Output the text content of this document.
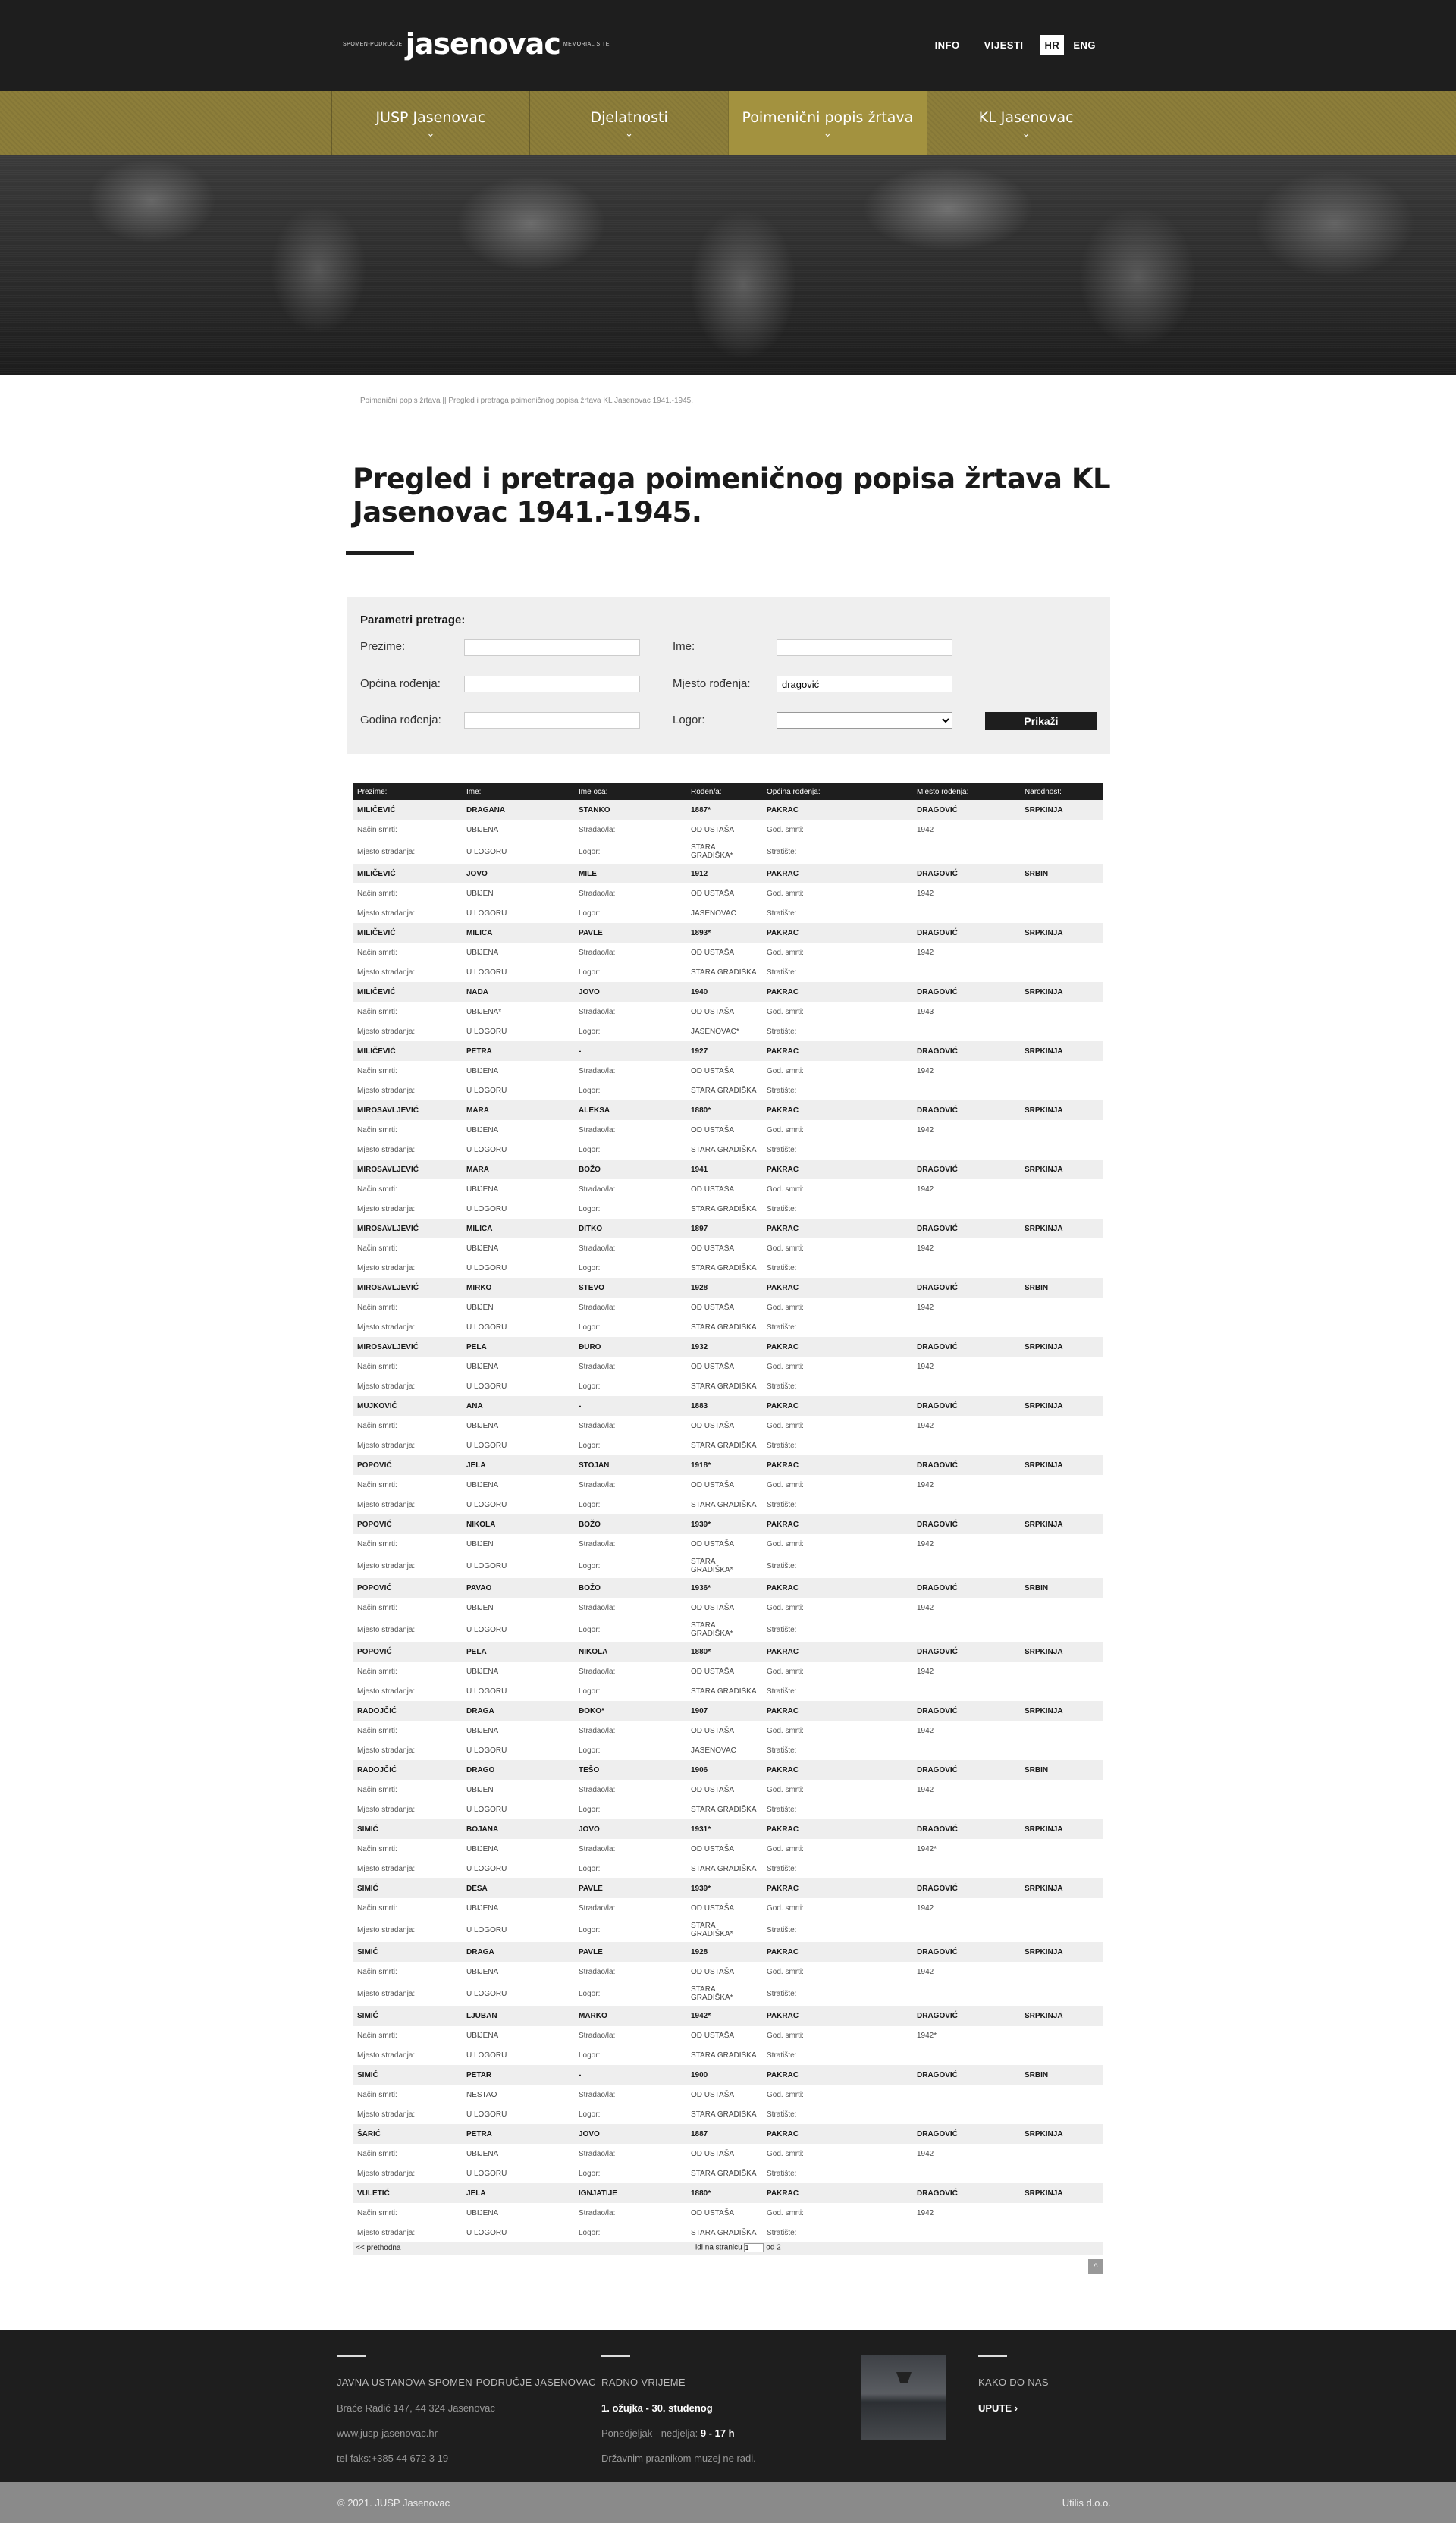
SPOMEN-PODRUČJE jasenovac MEMORIAL SITE	INFO	VIJESTI	HR	ENG
JUSP Jasenovac
⌄
Djelatnosti
⌄
Poimenični popis žrtava
⌄
KL Jasenovac
⌄
Poimenični popis žrtava || Pregled i pretraga poimeničnog popisa žrtava KL Jasenovac 1941.-1945.
Pregled i pretraga poimeničnog popisa žrtava KL Jasenovac 1941.-1945.
Parametri pretrage:
Prezime:	Ime:
Općina rođenja:	Mjesto rođenja:
dragović
Godina rođenja:	Logor:	Prikaži
Prezime:	Ime:	Ime oca:	Rođen/a:	Općina rođenja:	Mjesto rođenja:	Narodnost:
MILIČEVIĆ	DRAGANA	STANKO	1887*	PAKRAC	DRAGOVIĆ	SRPKINJA
Način smrti:	UBIJENA	Stradao/la:	OD USTAŠA	God. smrti:	1942	
Mjesto stradanja:	U LOGORU	Logor:	STARA GRADIŠKA*	Stratište:		
MILIČEVIĆ	JOVO	MILE	1912	PAKRAC	DRAGOVIĆ	SRBIN
Način smrti:	UBIJEN	Stradao/la:	OD USTAŠA	God. smrti:	1942	
Mjesto stradanja:	U LOGORU	Logor:	JASENOVAC	Stratište:		
MILIČEVIĆ	MILICA	PAVLE	1893*	PAKRAC	DRAGOVIĆ	SRPKINJA
Način smrti:	UBIJENA	Stradao/la:	OD USTAŠA	God. smrti:	1942	
Mjesto stradanja:	U LOGORU	Logor:	STARA GRADIŠKA	Stratište:		
MILIČEVIĆ	NADA	JOVO	1940	PAKRAC	DRAGOVIĆ	SRPKINJA
Način smrti:	UBIJENA*	Stradao/la:	OD USTAŠA	God. smrti:	1943	
Mjesto stradanja:	U LOGORU	Logor:	JASENOVAC*	Stratište:		
MILIČEVIĆ	PETRA	-	1927	PAKRAC	DRAGOVIĆ	SRPKINJA
Način smrti:	UBIJENA	Stradao/la:	OD USTAŠA	God. smrti:	1942	
Mjesto stradanja:	U LOGORU	Logor:	STARA GRADIŠKA	Stratište:		
MIROSAVLJEVIĆ	MARA	ALEKSA	1880*	PAKRAC	DRAGOVIĆ	SRPKINJA
Način smrti:	UBIJENA	Stradao/la:	OD USTAŠA	God. smrti:	1942	
Mjesto stradanja:	U LOGORU	Logor:	STARA GRADIŠKA	Stratište:		
MIROSAVLJEVIĆ	MARA	BOŽO	1941	PAKRAC	DRAGOVIĆ	SRPKINJA
Način smrti:	UBIJENA	Stradao/la:	OD USTAŠA	God. smrti:	1942	
Mjesto stradanja:	U LOGORU	Logor:	STARA GRADIŠKA	Stratište:		
MIROSAVLJEVIĆ	MILICA	DITKO	1897	PAKRAC	DRAGOVIĆ	SRPKINJA
Način smrti:	UBIJENA	Stradao/la:	OD USTAŠA	God. smrti:	1942	
Mjesto stradanja:	U LOGORU	Logor:	STARA GRADIŠKA	Stratište:		
MIROSAVLJEVIĆ	MIRKO	STEVO	1928	PAKRAC	DRAGOVIĆ	SRBIN
Način smrti:	UBIJEN	Stradao/la:	OD USTAŠA	God. smrti:	1942	
Mjesto stradanja:	U LOGORU	Logor:	STARA GRADIŠKA	Stratište:		
MIROSAVLJEVIĆ	PELA	ĐURO	1932	PAKRAC	DRAGOVIĆ	SRPKINJA
Način smrti:	UBIJENA	Stradao/la:	OD USTAŠA	God. smrti:	1942	
Mjesto stradanja:	U LOGORU	Logor:	STARA GRADIŠKA	Stratište:		
MUJKOVIĆ	ANA	-	1883	PAKRAC	DRAGOVIĆ	SRPKINJA
Način smrti:	UBIJENA	Stradao/la:	OD USTAŠA	God. smrti:	1942	
Mjesto stradanja:	U LOGORU	Logor:	STARA GRADIŠKA	Stratište:		
POPOVIĆ	JELA	STOJAN	1918*	PAKRAC	DRAGOVIĆ	SRPKINJA
Način smrti:	UBIJENA	Stradao/la:	OD USTAŠA	God. smrti:	1942	
Mjesto stradanja:	U LOGORU	Logor:	STARA GRADIŠKA	Stratište:		
POPOVIĆ	NIKOLA	BOŽO	1939*	PAKRAC	DRAGOVIĆ	SRPKINJA
Način smrti:	UBIJEN	Stradao/la:	OD USTAŠA	God. smrti:	1942	
Mjesto stradanja:	U LOGORU	Logor:	STARA GRADIŠKA*	Stratište:		
POPOVIĆ	PAVAO	BOŽO	1936*	PAKRAC	DRAGOVIĆ	SRBIN
Način smrti:	UBIJEN	Stradao/la:	OD USTAŠA	God. smrti:	1942	
Mjesto stradanja:	U LOGORU	Logor:	STARA GRADIŠKA*	Stratište:		
POPOVIĆ	PELA	NIKOLA	1880*	PAKRAC	DRAGOVIĆ	SRPKINJA
Način smrti:	UBIJENA	Stradao/la:	OD USTAŠA	God. smrti:	1942	
Mjesto stradanja:	U LOGORU	Logor:	STARA GRADIŠKA	Stratište:		
RADOJČIĆ	DRAGA	ĐOKO*	1907	PAKRAC	DRAGOVIĆ	SRPKINJA
Način smrti:	UBIJENA	Stradao/la:	OD USTAŠA	God. smrti:	1942	
Mjesto stradanja:	U LOGORU	Logor:	JASENOVAC	Stratište:		
RADOJČIĆ	DRAGO	TEŠO	1906	PAKRAC	DRAGOVIĆ	SRBIN
Način smrti:	UBIJEN	Stradao/la:	OD USTAŠA	God. smrti:	1942	
Mjesto stradanja:	U LOGORU	Logor:	STARA GRADIŠKA	Stratište:		
SIMIĆ	BOJANA	JOVO	1931*	PAKRAC	DRAGOVIĆ	SRPKINJA
Način smrti:	UBIJENA	Stradao/la:	OD USTAŠA	God. smrti:	1942*	
Mjesto stradanja:	U LOGORU	Logor:	STARA GRADIŠKA	Stratište:		
SIMIĆ	DESA	PAVLE	1939*	PAKRAC	DRAGOVIĆ	SRPKINJA
Način smrti:	UBIJENA	Stradao/la:	OD USTAŠA	God. smrti:	1942	
Mjesto stradanja:	U LOGORU	Logor:	STARA GRADIŠKA*	Stratište:		
SIMIĆ	DRAGA	PAVLE	1928	PAKRAC	DRAGOVIĆ	SRPKINJA
Način smrti:	UBIJENA	Stradao/la:	OD USTAŠA	God. smrti:	1942	
Mjesto stradanja:	U LOGORU	Logor:	STARA GRADIŠKA*	Stratište:		
SIMIĆ	LJUBAN	MARKO	1942*	PAKRAC	DRAGOVIĆ	SRPKINJA
Način smrti:	UBIJENA	Stradao/la:	OD USTAŠA	God. smrti:	1942*	
Mjesto stradanja:	U LOGORU	Logor:	STARA GRADIŠKA	Stratište:		
SIMIĆ	PETAR	-	1900	PAKRAC	DRAGOVIĆ	SRBIN
Način smrti:	NESTAO	Stradao/la:	OD USTAŠA	God. smrti:		
Mjesto stradanja:	U LOGORU	Logor:	STARA GRADIŠKA	Stratište:		
ŠARIĆ	PETRA	JOVO	1887	PAKRAC	DRAGOVIĆ	SRPKINJA
Način smrti:	UBIJENA	Stradao/la:	OD USTAŠA	God. smrti:	1942	
Mjesto stradanja:	U LOGORU	Logor:	STARA GRADIŠKA	Stratište:		
VULETIĆ	JELA	IGNJATIJE	1880*	PAKRAC	DRAGOVIĆ	SRPKINJA
Način smrti:	UBIJENA	Stradao/la:	OD USTAŠA	God. smrti:	1942	
Mjesto stradanja:	U LOGORU	Logor:	STARA GRADIŠKA	Stratište:		
<< prethodna	idi na stranicu 1	od 2
^
JAVNA USTANOVA SPOMEN-PODRUČJE JASENOVAC
Braće Radić 147, 44 324 Jasenovac
www.jusp-jasenovac.hr
tel-faks:+385 44 672 3 19
RADNO VRIJEME
1. ožujka - 30. studenog
Ponedjeljak - nedjelja: 9 - 17 h
Državnim praznikom muzej ne radi.
KAKO DO NAS
UPUTE ›
© 2021. JUSP Jasenovac	Utilis d.o.o.
